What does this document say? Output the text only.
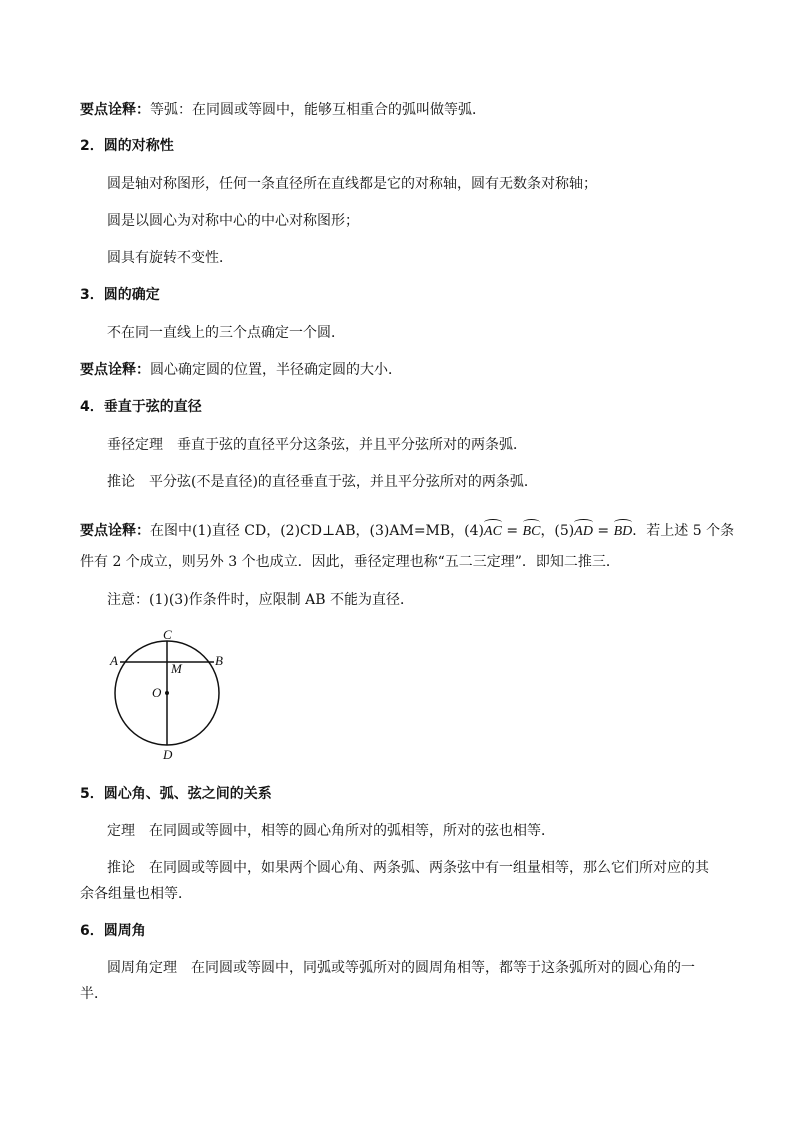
要点诠释：等弧：在同圆或等圆中，能够互相重合的弧叫做等弧．
2．圆的对称性
圆是轴对称图形，任何一条直径所在直线都是它的对称轴，圆有无数条对称轴；
圆是以圆心为对称中心的中心对称图形；
圆具有旋转不变性．
3．圆的确定
不在同一直线上的三个点确定一个圆．
要点诠释：圆心确定圆的位置，半径确定圆的大小．
4．垂直于弦的直径
垂径定理 垂直于弦的直径平分这条弦，并且平分弦所对的两条弧．
推论 平分弦(不是直径)的直径垂直于弦，并且平分弦所对的两条弧．
要点诠释：在图中(1)直径 CD，(2)CD⊥AB，(3)AM=MB，(4)AC = BC，(5)AD = BD．若上述 5 个条
件有 2 个成立，则另外 3 个也成立．因此，垂径定理也称“五二三定理”．即知二推三．
注意：(1)(3)作条件时，应限制 AB 不能为直径．
C
A	B
M
O
D
5．圆心角、弧、弦之间的关系
定理 在同圆或等圆中，相等的圆心角所对的弧相等，所对的弦也相等．
推论 在同圆或等圆中，如果两个圆心角、两条弧、两条弦中有一组量相等，那么它们所对应的其
余各组量也相等．
6．圆周角
圆周角定理 在同圆或等圆中，同弧或等弧所对的圆周角相等，都等于这条弧所对的圆心角的一
半．
